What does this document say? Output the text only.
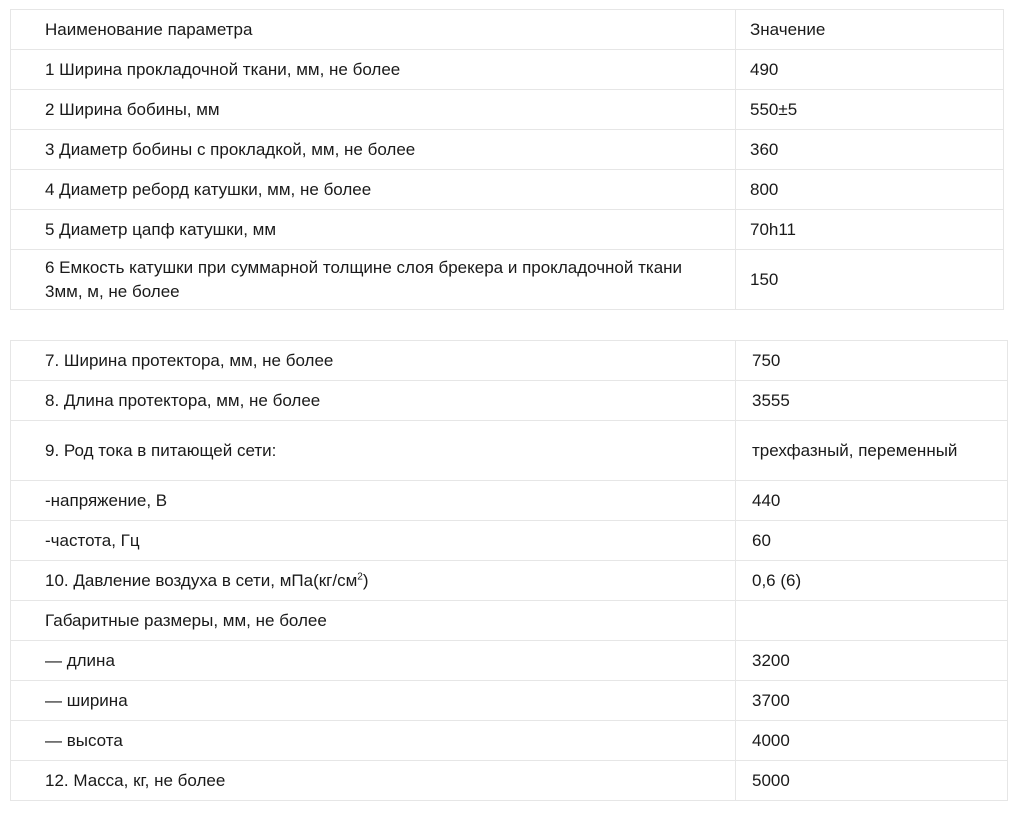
Наименование параметра	Значение
1 Ширина прокладочной ткани, мм, не более	490
2 Ширина бобины, мм	550±5
3 Диаметр бобины с прокладкой, мм, не более	360
4 Диаметр реборд катушки, мм, не более	800
5 Диаметр цапф катушки, мм	70h11
6 Емкость катушки при суммарной толщине слоя брекера и прокладочной ткани 3мм, м, не более	150
7. Ширина протектора, мм, не более	750
8. Длина протектора, мм, не более	3555
9. Род тока в питающей сети:	трехфазный, переменный
-напряжение, В	440
-частота, Гц	60
10. Давление воздуха в сети, $мПа(кг/см^2)$	0,6 (6)
Габаритные размеры, мм, не более	
— длина	3200
— ширина	3700
— высота	4000
12. Масса, кг, не более	5000
